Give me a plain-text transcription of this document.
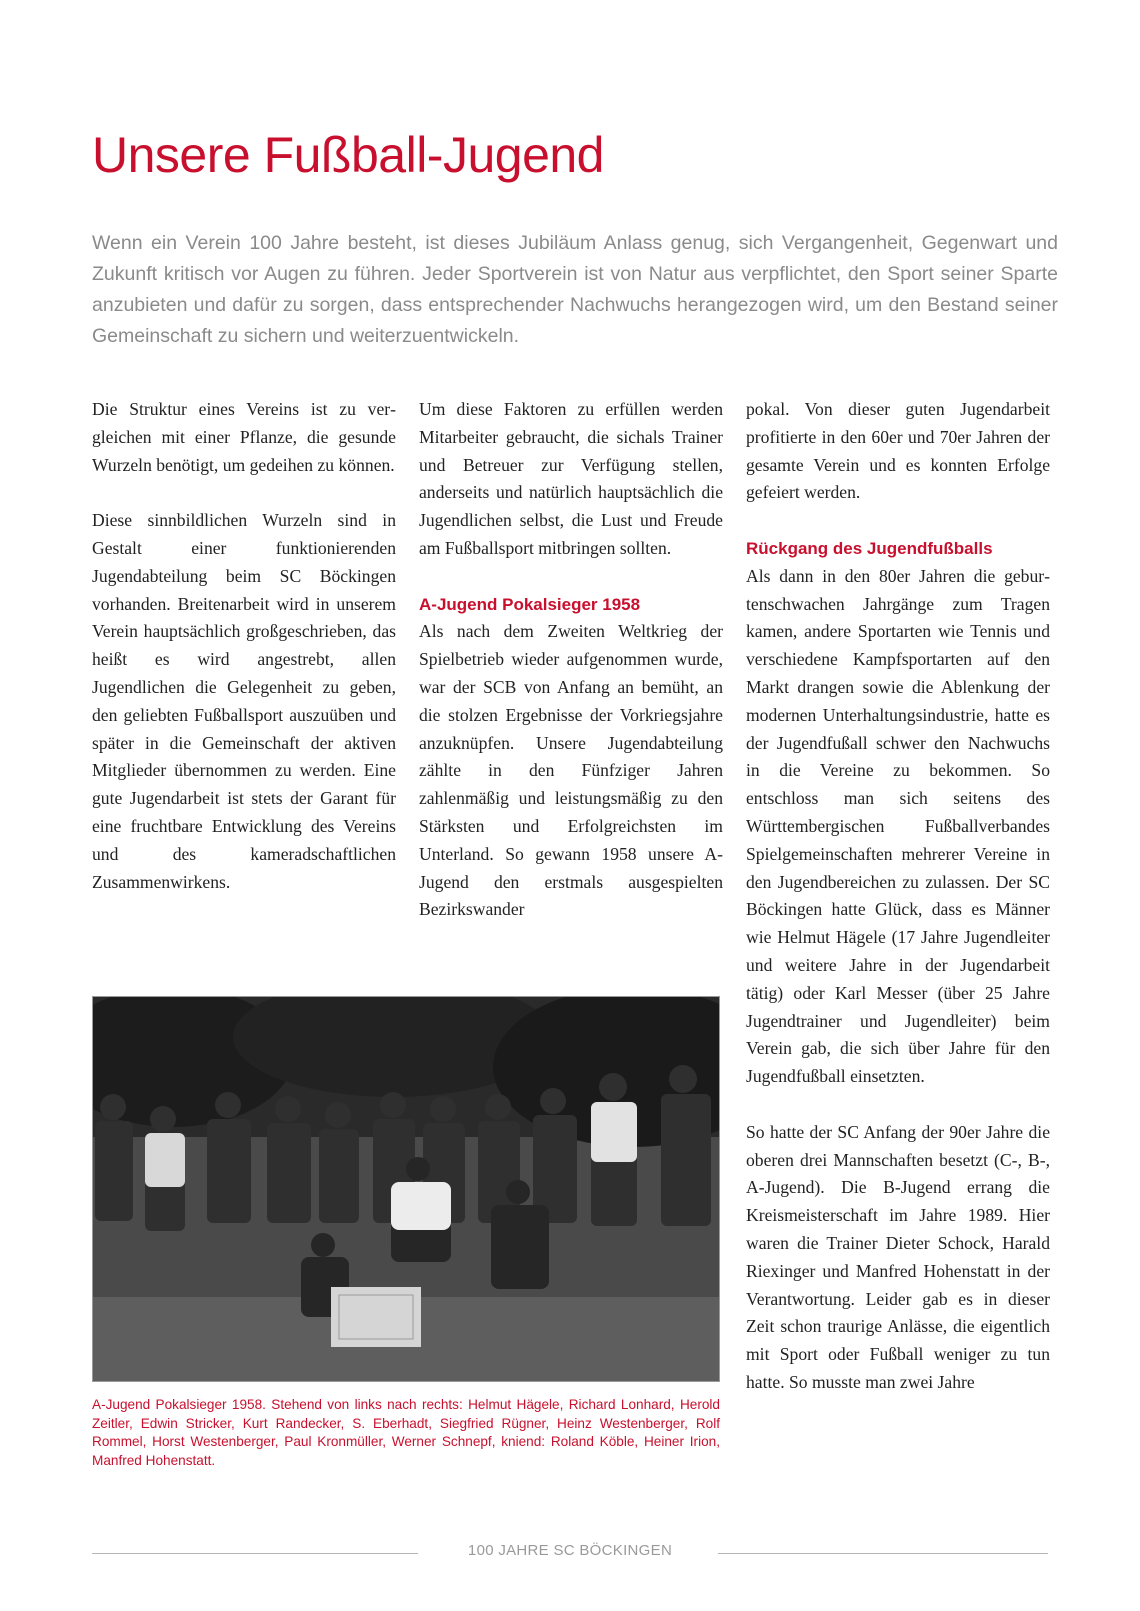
Unsere Fußball-Jugend

Wenn ein Verein 100 Jahre besteht, ist dieses Jubiläum Anlass genug, sich Vergangenheit, Gegenwart und Zukunft kritisch vor Augen zu führen. Jeder Sportverein ist von Natur aus verpflichtet, den Sport seiner Sparte anzubieten und dafür zu sorgen, dass entsprechender Nachwuchs herangezogen wird, um den Bestand seiner Gemeinschaft zu sichern und weiterzuentwickeln.

Die Struktur eines Vereins ist zu vergleichen mit einer Pflanze, die gesunde Wurzeln benötigt, um gedeihen zu können.

Diese sinnbildlichen Wurzeln sind in Gestalt einer funktionierenden Jugendabteilung beim SC Böckingen vorhanden. Breitenarbeit wird in unserem Verein hauptsächlich großgeschrieben, das heißt es wird angestrebt, allen Jugendlichen die Gelegenheit zu geben, den geliebten Fußballsport auszuüben und später in die Gemeinschaft der aktiven Mitglieder übernommen zu werden. Eine gute Jugendarbeit ist stets der Garant für eine fruchtbare Entwicklung des Vereins und des kameradschaftlichen Zusammenwirkens.

Um diese Faktoren zu erfüllen werden Mitarbeiter gebraucht, die sichals Trainer und Betreuer zur Verfügung stellen, anderseits und natürlich hauptsächlich die Jugendlichen selbst, die Lust und Freude am Fußballsport mitbringen sollten.

A-Jugend Pokalsieger 1958

Als nach dem Zweiten Weltkrieg der Spielbetrieb wieder aufgenommen wurde, war der SCB von Anfang an bemüht, an die stolzen Ergebnisse der Vorkriegsjahre anzuknüpfen. Unsere Jugendabteilung zählte in den Fünfziger Jahren zahlenmäßig und leistungsmäßig zu den Stärksten und Erfolgreichsten im Unterland. So gewann 1958 unsere A-Jugend den erstmals ausgespielten Bezirkswander

pokal. Von dieser guten Jugendarbeit profitierte in den 60er und 70er Jahren der gesamte Verein und es konnten Erfolge gefeiert werden.

Rückgang des Jugendfußballs

Als dann in den 80er Jahren die geburtenschwachen Jahrgänge zum Tragen kamen, andere Sportarten wie Tennis und verschiedene Kampfsportarten auf den Markt drangen sowie die Ablenkung der modernen Unterhaltungsindustrie, hatte es der Jugendfußall schwer den Nachwuchs in die Vereine zu bekommen. So entschloss man sich seitens des Württembergischen Fußballverbandes Spielgemeinschaften mehrerer Vereine in den Jugendbereichen zu zulassen. Der SC Böckingen hatte Glück, dass es Männer wie Helmut Hägele (17 Jahre Jugendleiter und weitere Jahre in der Jugendarbeit tätig) oder Karl Messer (über 25 Jahre Jugendtrainer und Jugendleiter) beim Verein gab, die sich über Jahre für den Jugendfußball einsetzten.

So hatte der SC Anfang der 90er Jahre die oberen drei Mannschaften besetzt (C-, B-, A-Jugend). Die B-Jugend errang die Kreismeisterschaft im Jahre 1989. Hier waren die Trainer Dieter Schock, Harald Riexinger und Manfred Hohenstatt in der Verantwortung. Leider gab es in dieser Zeit schon traurige Anlässe, die eigentlich mit Sport oder Fußball weniger zu tun hatte. So musste man zwei Jahre

A-Jugend Pokalsieger 1958. Stehend von links nach rechts: Helmut Hägele, Richard Lonhard, Herold Zeitler, Edwin Stricker, Kurt Randecker, S. Eberhadt, Siegfried Rügner, Heinz Westenberger, Rolf Rommel, Horst Westenberger, Paul Kronmüller, Werner Schnepf, kniend: Roland Köble, Heiner Irion, Manfred Hohenstatt.

100 JAHRE SC BÖCKINGEN
